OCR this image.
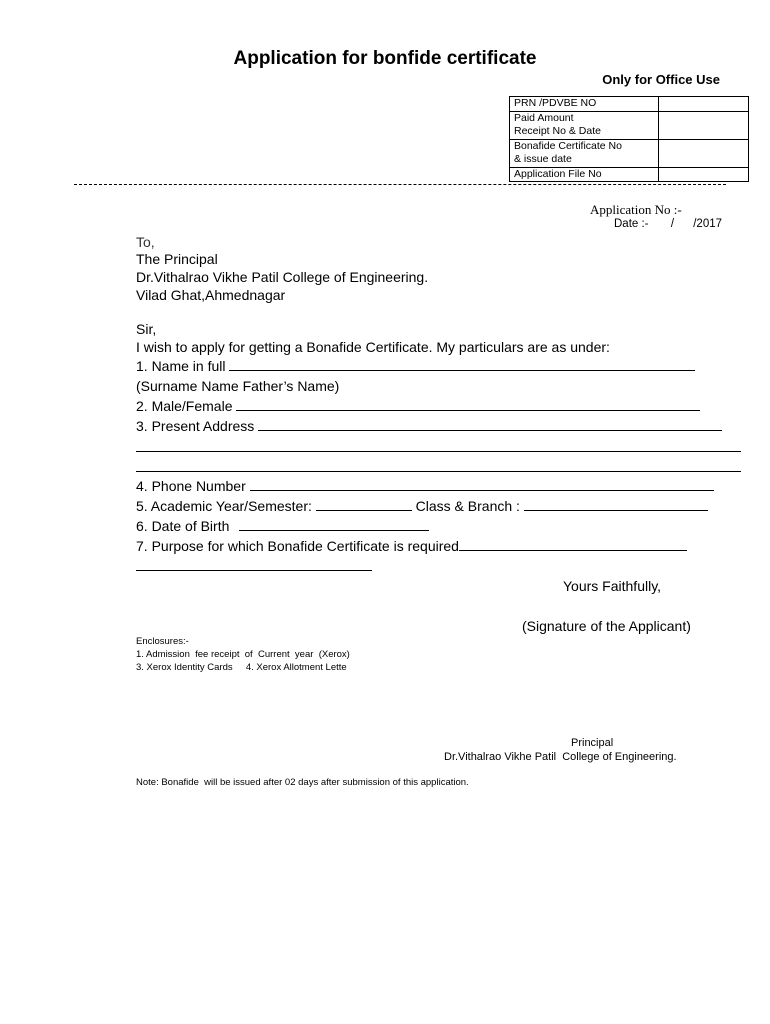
Application for bonfide certificate
Only for Office Use
PRN /PDVBE NO	
Paid Amount
Receipt No & Date	
Bonafide Certificate No
& issue date	
Application File No	
Application No :-
Date :-       /      /2017
To,
The Principal
Dr.Vithalrao Vikhe Patil College of Engineering.
Vilad Ghat,Ahmednagar
Sir,
I wish to apply for getting a Bonafide Certificate. My particulars are as under:
1. Name in full
(Surname Name Father’s Name)
2. Male/Female
3. Present Address
4. Phone Number
5. Academic Year/Semester:	Class & Branch :
6. Date of Birth
7. Purpose for which Bonafide Certificate is required
Yours Faithfully,
(Signature of the Applicant)
Enclosures:-
1. Admission  fee receipt  of  Current  year  (Xerox)
3. Xerox Identity Cards     4. Xerox Allotment Lette
Principal
Dr.Vithalrao Vikhe Patil  College of Engineering.
Note: Bonafide  will be issued after 02 days after submission of this application.
